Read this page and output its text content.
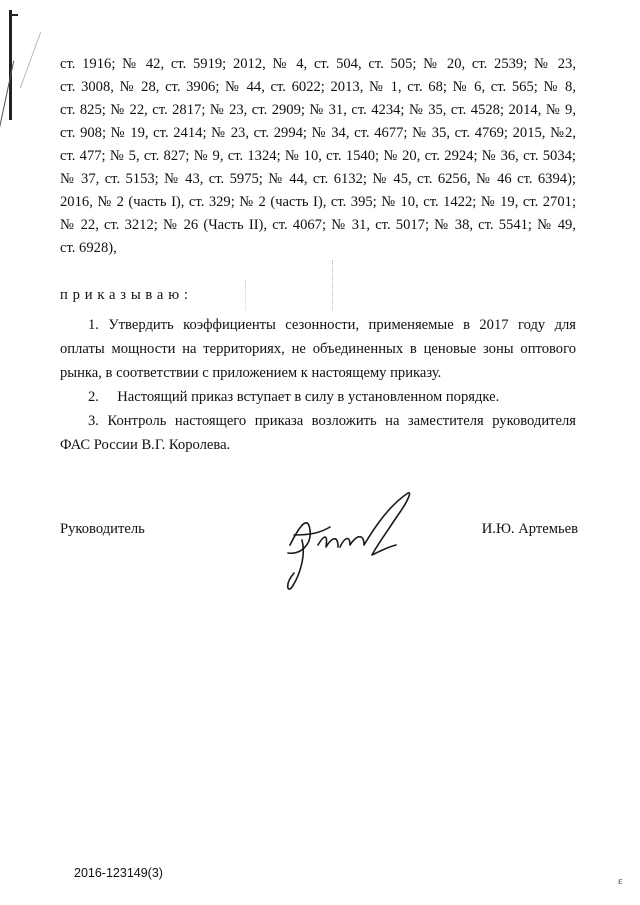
ст. 1916; № 42, ст. 5919; 2012, № 4, ст. 504, ст. 505; № 20, ст. 2539; № 23,
ст. 3008, № 28, ст. 3906; № 44, ст. 6022; 2013, № 1, ст. 68; № 6, ст. 565; № 8,
ст. 825; № 22, ст. 2817; № 23, ст. 2909; № 31, ст. 4234; № 35, ст. 4528; 2014, № 9,
ст. 908; № 19, ст. 2414; № 23, ст. 2994; № 34, ст. 4677; № 35, ст. 4769; 2015, №2,
ст. 477; № 5, ст. 827; № 9, ст. 1324; № 10, ст. 1540; № 20, ст. 2924; № 36, ст. 5034;
№ 37, ст. 5153; № 43, ст. 5975; № 44, ст. 6132; № 45, ст. 6256, № 46 ст. 6394);
2016, № 2 (часть I), ст. 329; № 2 (часть I), ст. 395; № 10, ст. 1422; № 19, ст. 2701;
№ 22, ст. 3212; № 26 (Часть II), ст. 4067; № 31, ст. 5017; № 38, ст. 5541; № 49,
ст. 6928),
приказываю:
1. Утвердить коэффициенты сезонности, применяемые в 2017 году для
оплаты мощности на территориях, не объединенных в ценовые зоны оптового
рынка, в соответствии с приложением к настоящему приказу.
2. Настоящий приказ вступает в силу в установленном порядке.
3. Контроль настоящего приказа возложить на заместителя руководителя
ФАС России В.Г. Королева.
Руководитель	И.Ю. Артемьев
2016-123149(3)
ɛ
